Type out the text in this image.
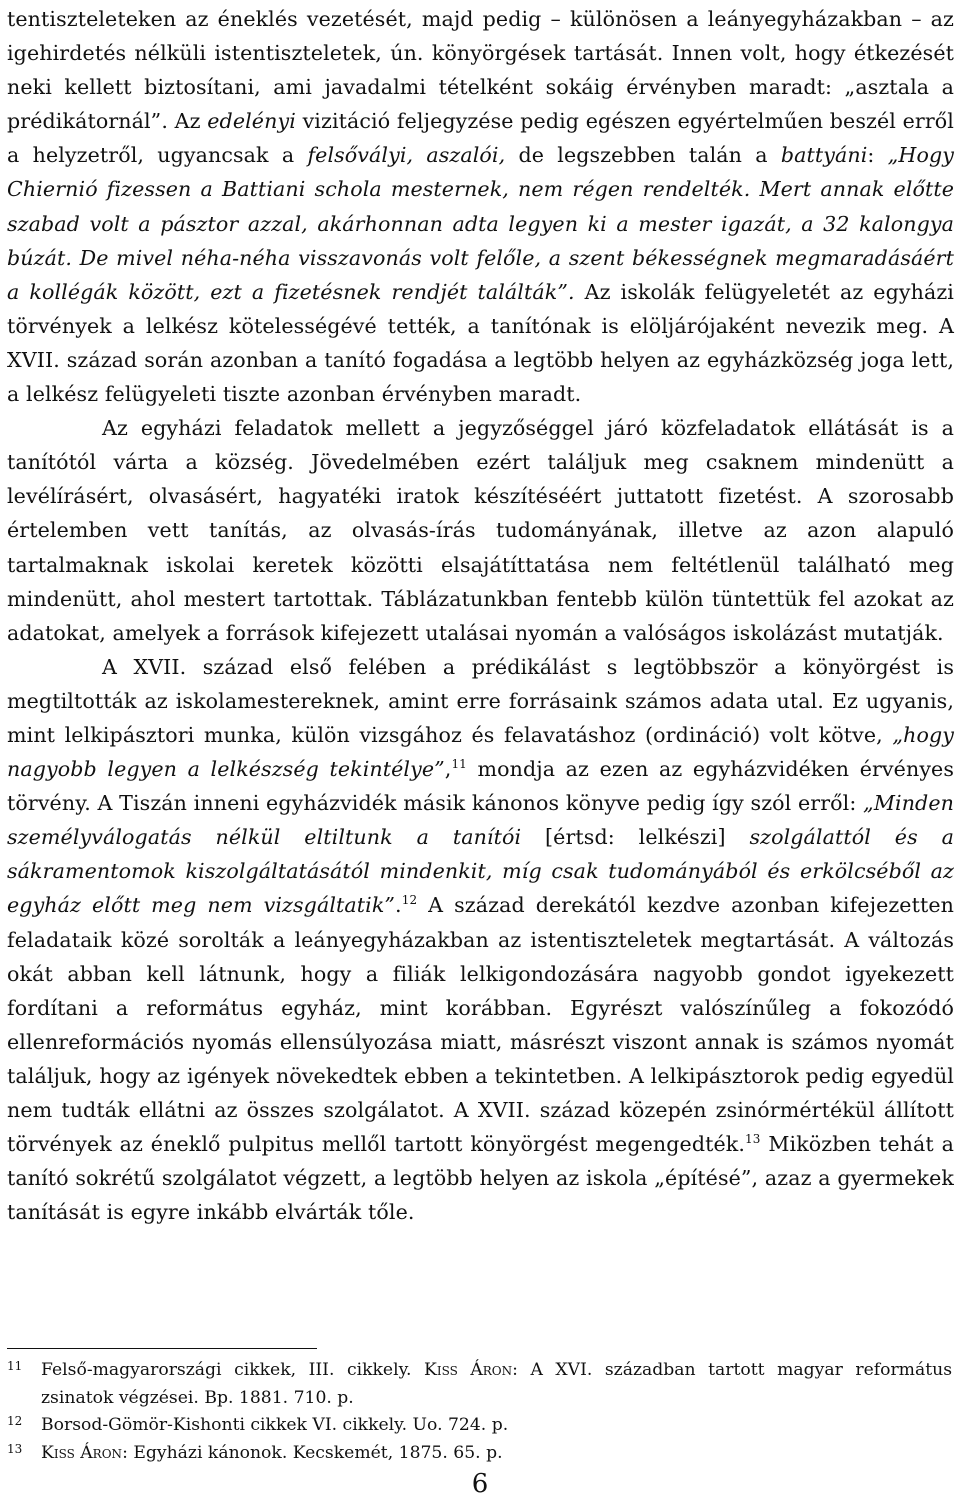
tentiszteleteken az éneklés vezetését, majd pedig – különösen a leányegyházakban – az igehirdetés nélküli istentiszteletek, ún. könyörgések tartását. Innen volt, hogy étkezését neki kellett biztosítani, ami javadalmi tételként sokáig érvényben maradt: „asztala a prédikátornál”. Az edelényi vizitáció feljegyzése pedig egészen egyértelműen beszél erről a helyzetről, ugyancsak a felsővályi, aszalói, de legszebben talán a battyáni: „Hogy Chiernió fizessen a Battiani schola mesternek, nem régen rendelték. Mert annak előtte szabad volt a pásztor azzal, akárhonnan adta legyen ki a mester igazát, a 32 kalongya búzát. De mivel néha-néha visszavonás volt felőle, a szent békességnek megmaradásáért a kollégák között, ezt a fizetésnek rendjét találták”. Az iskolák felügyeletét az egyházi törvények a lelkész kötelességévé tették, a tanítónak is elöljárójaként nevezik meg. A XVII. század során azonban a tanító fogadása a legtöbb helyen az egyházközség joga lett, a lelkész felügyeleti tiszte azonban érvényben maradt.

Az egyházi feladatok mellett a jegyzőséggel járó közfeladatok ellátását is a tanítótól várta a község. Jövedelmében ezért találjuk meg csaknem mindenütt a levélírásért, olvasásért, hagyatéki iratok készítéséért juttatott fizetést. A szorosabb értelemben vett tanítás, az olvasás-írás tudományának, illetve az azon alapuló tartalmaknak iskolai keretek közötti elsajátíttatása nem feltétlenül található meg mindenütt, ahol mestert tartottak. Táblázatunkban fentebb külön tüntettük fel azokat az adatokat, amelyek a források kifejezett utalásai nyomán a valóságos iskolázást mutatják.

A XVII. század első felében a prédikálást s legtöbbször a könyörgést is megtiltották az iskolamestereknek, amint erre forrásaink számos adata utal. Ez ugyanis, mint lelkipásztori munka, külön vizsgához és felavatáshoz (ordináció) volt kötve, „hogy nagyobb legyen a lelkészség tekintélye”,$^{11}$ mondja az ezen az egyházvidéken érvényes törvény. A Tiszán inneni egyházvidék másik kánonos könyve pedig így szól erről: „Minden személyválogatás nélkül eltiltunk a tanítói [értsd: lelkészi] szolgálattól és a sákramentomok kiszolgáltatásától mindenkit, míg csak tudományából és erkölcséből az egyház előtt meg nem vizsgáltatik”.$^{12}$ A század derekától kezdve azonban kifejezetten feladataik közé sorolták a leányegyházakban az istentiszteletek megtartását. A változás okát abban kell látnunk, hogy a filiák lelkigondozására nagyobb gondot igyekezett fordítani a református egyház, mint korábban. Egyrészt valószínűleg a fokozódó ellenreformációs nyomás ellensúlyozása miatt, másrészt viszont annak is számos nyomát találjuk, hogy az igények növekedtek ebben a tekintetben. A lelkipásztorok pedig egyedül nem tudták ellátni az összes szolgálatot. A XVII. század közepén zsinórmértékül állított törvények az éneklő pulpitus mellől tartott könyörgést megengedték.$^{13}$ Miközben tehát a tanító sokrétű szolgálatot végzett, a legtöbb helyen az iskola „építésé”, azaz a gyermekek tanítását is egyre inkább elvárták tőle.

11	Felső-magyarországi cikkek, III. cikkely. Kiss Áron: A XVI. században tartott magyar református zsinatok végzései. Bp. 1881. 710. p.
12	Borsod-Gömör-Kishonti cikkek VI. cikkely. Uo. 724. p.
13	Kiss Áron: Egyházi kánonok. Kecskemét, 1875. 65. p.
6
